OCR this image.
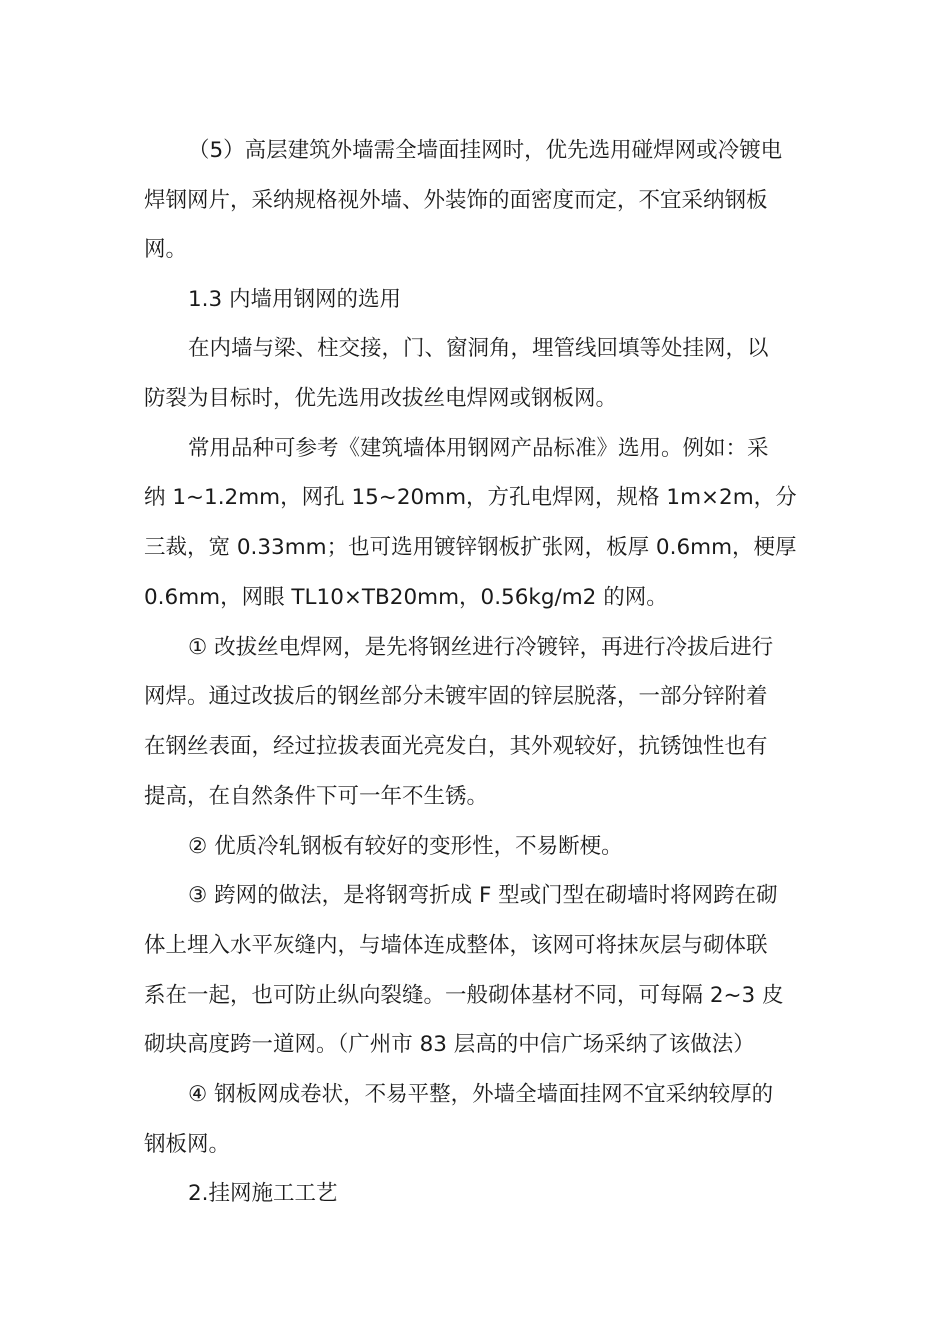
（5）高层建筑外墙需全墙面挂网时，优先选用碰焊网或冷镀电
焊钢网片，采纳规格视外墙、外装饰的面密度而定，不宜采纳钢板
网。
1.3 内墙用钢网的选用
在内墙与梁、柱交接，门、窗洞角，埋管线回填等处挂网，以
防裂为目标时，优先选用改拔丝电焊网或钢板网。
常用品种可参考《建筑墙体用钢网产品标准》选用。例如：采
纳 1~1.2mm，网孔 15~20mm，方孔电焊网，规格 1m×2m，分
三裁，宽 0.33mm；也可选用镀锌钢板扩张网，板厚 0.6mm，梗厚
0.6mm，网眼 TL10×TB20mm，0.56kg/m2 的网。
① 改拔丝电焊网，是先将钢丝进行冷镀锌，再进行冷拔后进行
网焊。通过改拔后的钢丝部分未镀牢固的锌层脱落，一部分锌附着
在钢丝表面，经过拉拔表面光亮发白，其外观较好，抗锈蚀性也有
提高，在自然条件下可一年不生锈。
② 优质冷轧钢板有较好的变形性，不易断梗。
③ 跨网的做法，是将钢弯折成 F 型或门型在砌墙时将网跨在砌
体上埋入水平灰缝内，与墙体连成整体，该网可将抹灰层与砌体联
系在一起，也可防止纵向裂缝。一般砌体基材不同，可每隔 2~3 皮
砌块高度跨一道网。（广州市 83 层高的中信广场采纳了该做法）
④ 钢板网成卷状，不易平整，外墙全墙面挂网不宜采纳较厚的
钢板网。
2.挂网施工工艺
